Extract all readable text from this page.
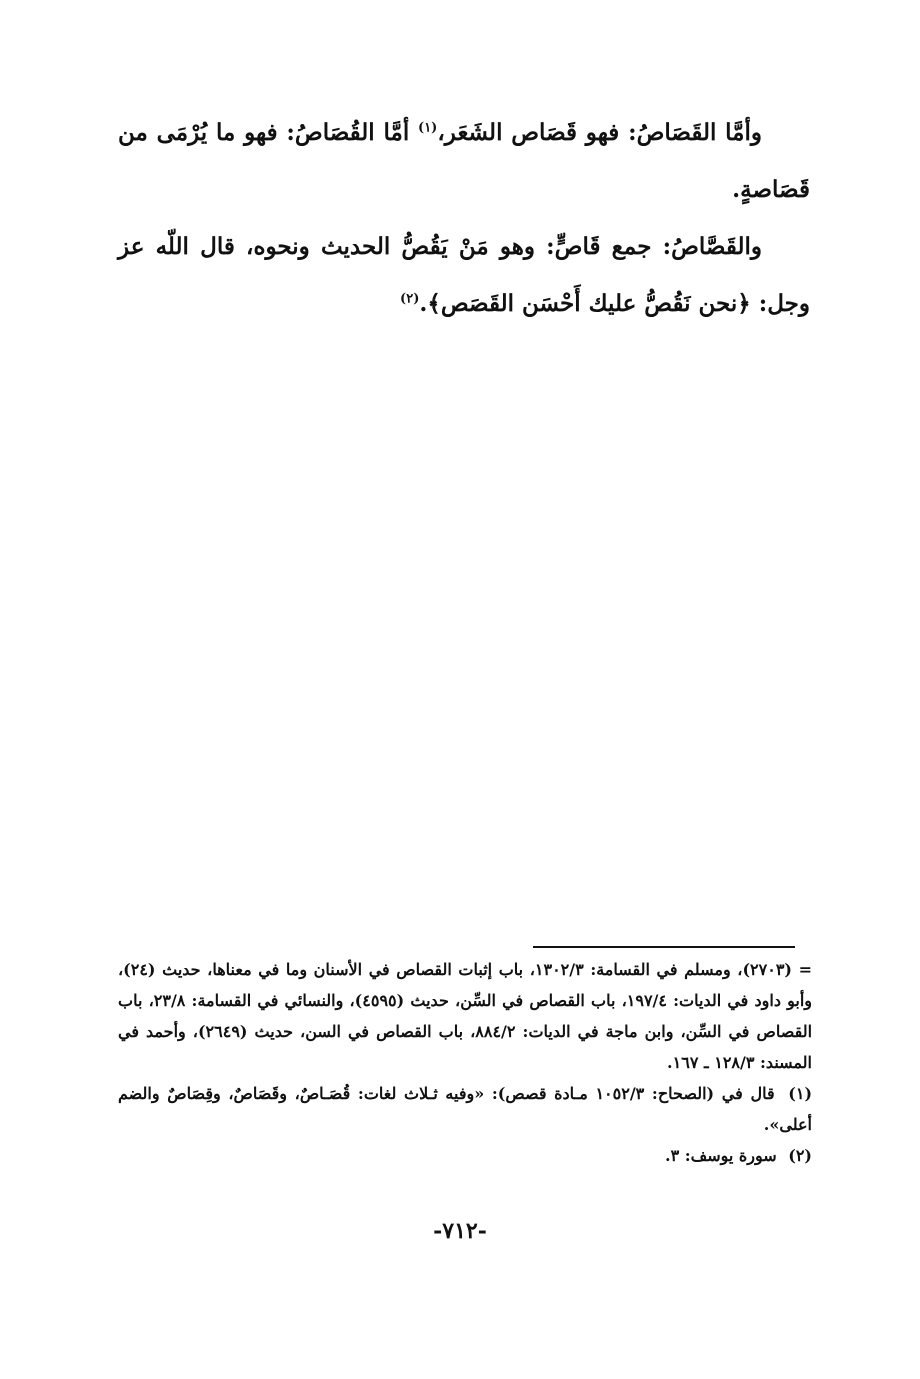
وأمَّا القَصَاصُ: فهو قَصَاص الشَعَر،$^{(١)}$ أمَّا القُصَاصُ: فهو ما يُرْمَى من قَصَاصةٍ.

والقَصَّاصُ: جمع قَاصٍّ: وهو مَنْ يَقُصُّ الحديث ونحوه، قال اللّه عز وجل: ﴿نحن نَقُصُّ عليك أَحْسَن القَصَص﴾.$^{(٢)}$

= (٢٧٠٣)، ومسلم في القسامة: ١٣٠٢/٣، باب إثبات القصاص في الأسنان وما في معناها، حديث (٢٤)، وأبو داود في الديات: ١٩٧/٤، باب القصاص في السِّن، حديث (٤٥٩٥)، والنسائي في القسامة: ٢٣/٨، باب القصاص في السِّن، وابن ماجة في الديات: ٨٨٤/٢، باب القصاص في السن، حديث (٢٦٤٩)، وأحمد في المسند: ١٢٨/٣ ـ ١٦٧.

(١) قال في (الصحاح: ١٠٥٢/٣ مـادة قصص): «وفيه ثـلاث لغات: قُصَـاصٌ، وقَصَاصٌ، وقِصَاصٌ والضم أعلى».

(٢) سورة يوسف: ٣.

-٧١٢-
